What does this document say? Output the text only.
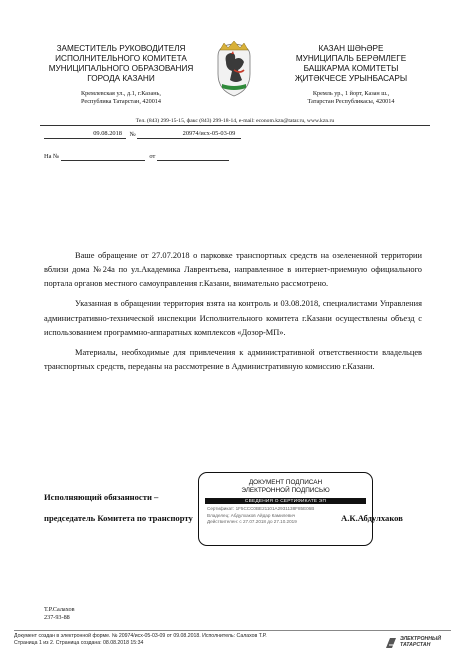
ЗАМЕСТИТЕЛЬ РУКОВОДИТЕЛЯ
ИСПОЛНИТЕЛЬНОГО КОМИТЕТА
МУНИЦИПАЛЬНОГО ОБРАЗОВАНИЯ
ГОРОДА КАЗАНИ
Кремлевская ул., д.1, г.Казань,
Республика Татарстан, 420014
КАЗАН ШӘҺӘРЕ
МУНИЦИПАЛЬ БЕРӘМЛЕГЕ
БАШКАРМА КОМИТЕТЫ
ҖИТӘКЧЕСЕ УРЫНБАСАРЫ
Кремль ур., 1 йорт, Казан ш.,
Татарстан Республикасы, 420014
Тел. (843) 299-15-15, факс (843) 299-18-14, e-mail: econom.kzn@tatar.ru, www.kzn.ru
09.08.2018 №	20974/исх-05-03-09
На №	от

Ваше обращение от 27.07.2018 о парковке транспортных средств на озелененной территории вблизи дома №24а по ул.Академика Лаврентьева, направленное в интернет-приемную официального портала органов местного самоуправления г.Казани, внимательно рассмотрено.

Указанная в обращении территория взята на контроль и 03.08.2018, специалистами Управления административно-технической инспекции Исполнительного комитета г.Казани осуществлены объезд с использованием программно-аппаратных комплексов «Дозор-МП».

Материалы, необходимые для привлечения к административной ответственности владельцев транспортных средств, переданы на рассмотрение в Административную комиссию г.Казани.

Исполняющий обязанности –
председатель Комитета по транспорту
ДОКУМЕНТ ПОДПИСАН
ЭЛЕКТРОННОЙ ПОДПИСЬЮ
СВЕДЕНИЯ О СЕРТИФИКАТЕ ЭП
Сертификат: 1F5CCC0BE21101A2931138F85E06B
Владелец: Абдулхаков Айдар Камилевич
Действителен: с 27.07.2018 до 27.10.2019	А.К.Абдулхаков
Т.Р.Салахов
237-93-88
Документ создан в электронной форме. № 20974/исх-05-03-09 от 09.08.2018. Исполнитель: Салахов Т.Р.
Страница 1 из 2. Страница создана: 08.08.2018 15:34
ЭЛЕКТРОННЫЙ
ТАТАРСТАН
